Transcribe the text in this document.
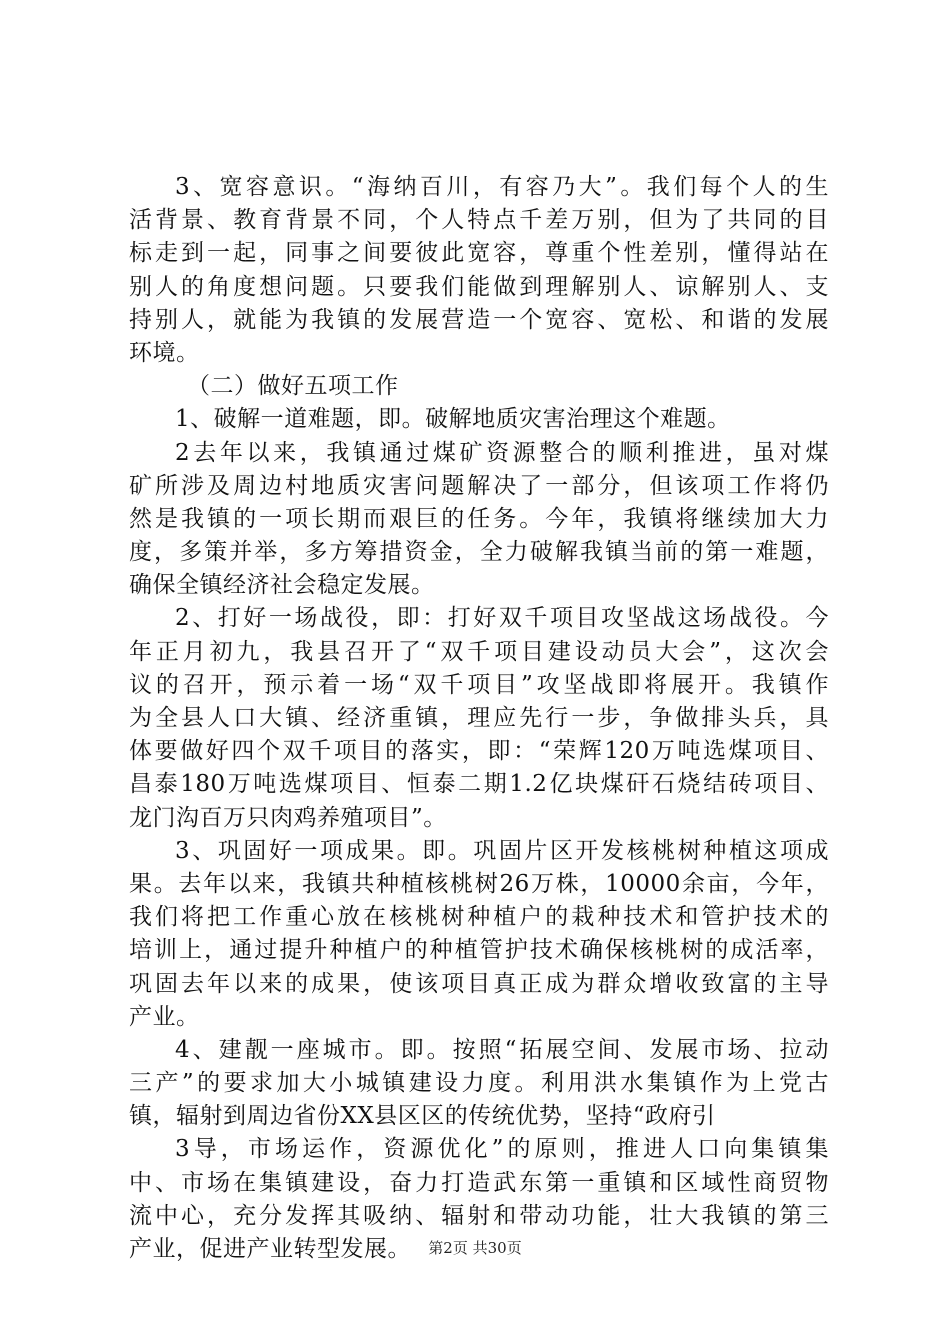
3、宽容意识。“海纳百川，有容乃大”。我们每个人的生
活背景、教育背景不同，个人特点千差万别，但为了共同的目
标走到一起，同事之间要彼此宽容，尊重个性差别，懂得站在
别人的角度想问题。只要我们能做到理解别人、谅解别人、支
持别人，就能为我镇的发展营造一个宽容、宽松、和谐的发展
环境。
（二）做好五项工作
1、破解一道难题，即。破解地质灾害治理这个难题。
2去年以来，我镇通过煤矿资源整合的顺利推进，虽对煤
矿所涉及周边村地质灾害问题解决了一部分，但该项工作将仍
然是我镇的一项长期而艰巨的任务。今年，我镇将继续加大力
度，多策并举，多方筹措资金，全力破解我镇当前的第一难题，
确保全镇经济社会稳定发展。
2、打好一场战役，即：打好双千项目攻坚战这场战役。今
年正月初九，我县召开了“双千项目建设动员大会”，这次会
议的召开，预示着一场“双千项目”攻坚战即将展开。我镇作
为全县人口大镇、经济重镇，理应先行一步，争做排头兵，具
体要做好四个双千项目的落实，即：“荣辉120万吨选煤项目、
昌泰180万吨选煤项目、恒泰二期1.2亿块煤矸石烧结砖项目、
龙门沟百万只肉鸡养殖项目”。
3、巩固好一项成果。即。巩固片区开发核桃树种植这项成
果。去年以来，我镇共种植核桃树26万株，10000余亩，今年，
我们将把工作重心放在核桃树种植户的栽种技术和管护技术的
培训上，通过提升种植户的种植管护技术确保核桃树的成活率，
巩固去年以来的成果，使该项目真正成为群众增收致富的主导
产业。
4、建靓一座城市。即。按照“拓展空间、发展市场、拉动
三产”的要求加大小城镇建设力度。利用洪水集镇作为上党古
镇，辐射到周边省份XX县区区的传统优势，坚持“政府引
3导，市场运作，资源优化”的原则，推进人口向集镇集
中、市场在集镇建设，奋力打造武东第一重镇和区域性商贸物
流中心，充分发挥其吸纳、辐射和带动功能，壮大我镇的第三
产业，促进产业转型发展。	第2页 共30页
